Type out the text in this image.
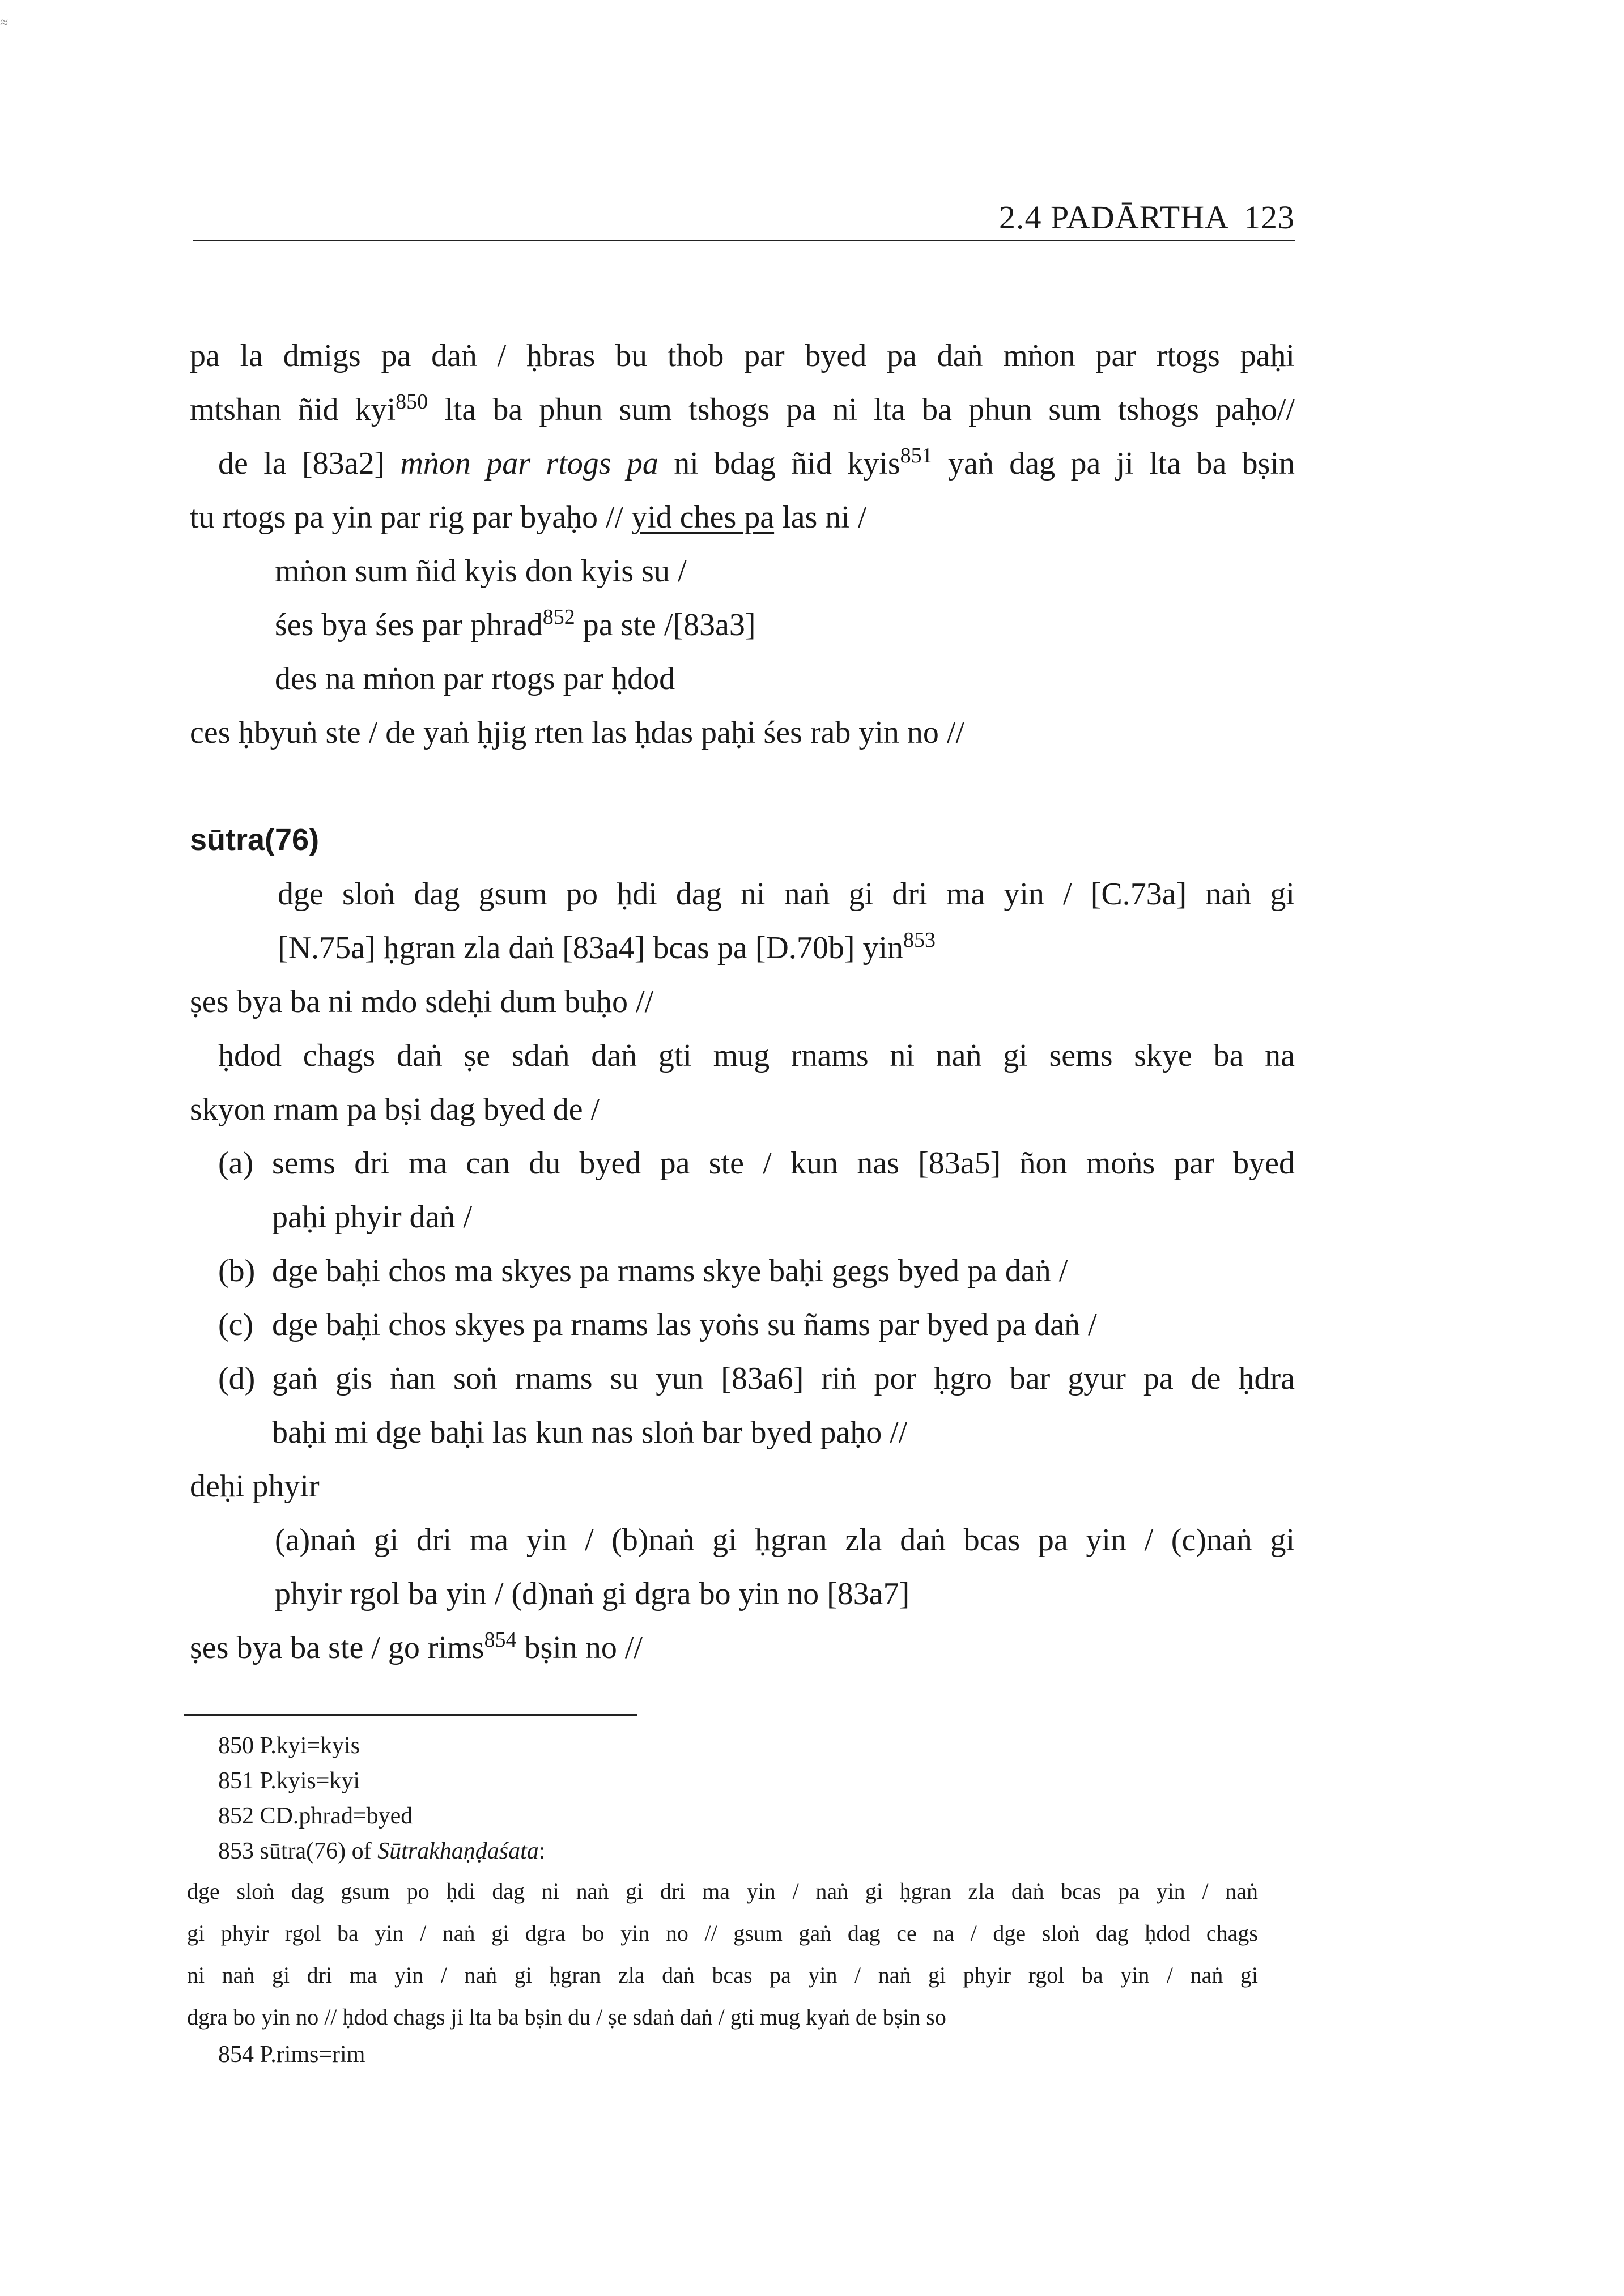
≈
2.4 PADĀRTHA 123
pa la dmigs pa daṅ / ḥbras bu thob par byed pa daṅ mṅon par rtogs paḥi
mtshan ñid kyi$^{850}$ lta ba phun sum tshogs pa ni lta ba phun sum tshogs paḥo//
de la [83a2] mṅon par rtogs pa ni bdag ñid kyis$^{851}$ yaṅ dag pa ji lta ba bṣin
tu rtogs pa yin par rig par byaḥo // yid ches pa las ni /
mṅon sum ñid kyis don kyis su /
śes bya śes par phrad$^{852}$ pa ste /[83a3]
des na mṅon par rtogs par ḥdod
ces ḥbyuṅ ste / de yaṅ ḥjig rten las ḥdas paḥi śes rab yin no //
sūtra(76)
dge sloṅ dag gsum po ḥdi dag ni naṅ gi dri ma yin / [C.73a] naṅ gi
[N.75a] ḥgran zla daṅ [83a4] bcas pa [D.70b] yin$^{853}$
ṣes bya ba ni mdo sdeḥi dum buḥo //
ḥdod chags daṅ ṣe sdaṅ daṅ gti mug rnams ni naṅ gi sems skye ba na
skyon rnam pa bṣi dag byed de /
(a) sems dri ma can du byed pa ste / kun nas [83a5] ñon moṅs par byed
paḥi phyir daṅ /
(b) dge baḥi chos ma skyes pa rnams skye baḥi gegs byed pa daṅ /
(c) dge baḥi chos skyes pa rnams las yoṅs su ñams par byed pa daṅ /
(d) gaṅ gis ṅan soṅ rnams su yun [83a6] riṅ por ḥgro bar gyur pa de ḥdra
baḥi mi dge baḥi las kun nas sloṅ bar byed paḥo //
deḥi phyir
(a)naṅ gi dri ma yin / (b)naṅ gi ḥgran zla daṅ bcas pa yin / (c)naṅ gi
phyir rgol ba yin / (d)naṅ gi dgra bo yin no [83a7]
ṣes bya ba ste / go rims$^{854}$ bṣin no //
850 P.kyi=kyis
851 P.kyis=kyi
852 CD.phrad=byed
853 sūtra(76) of Sūtrakhaṇḍaśata:
dge sloṅ dag gsum po ḥdi dag ni naṅ gi dri ma yin / naṅ gi ḥgran zla daṅ bcas pa yin / naṅ
gi phyir rgol ba yin / naṅ gi dgra bo yin no // gsum gaṅ dag ce na / dge sloṅ dag ḥdod chags
ni naṅ gi dri ma yin / naṅ gi ḥgran zla daṅ bcas pa yin / naṅ gi phyir rgol ba yin / naṅ gi
dgra bo yin no // ḥdod chags ji lta ba bṣin du / ṣe sdaṅ daṅ / gti mug kyaṅ de bṣin so
854 P.rims=rim
